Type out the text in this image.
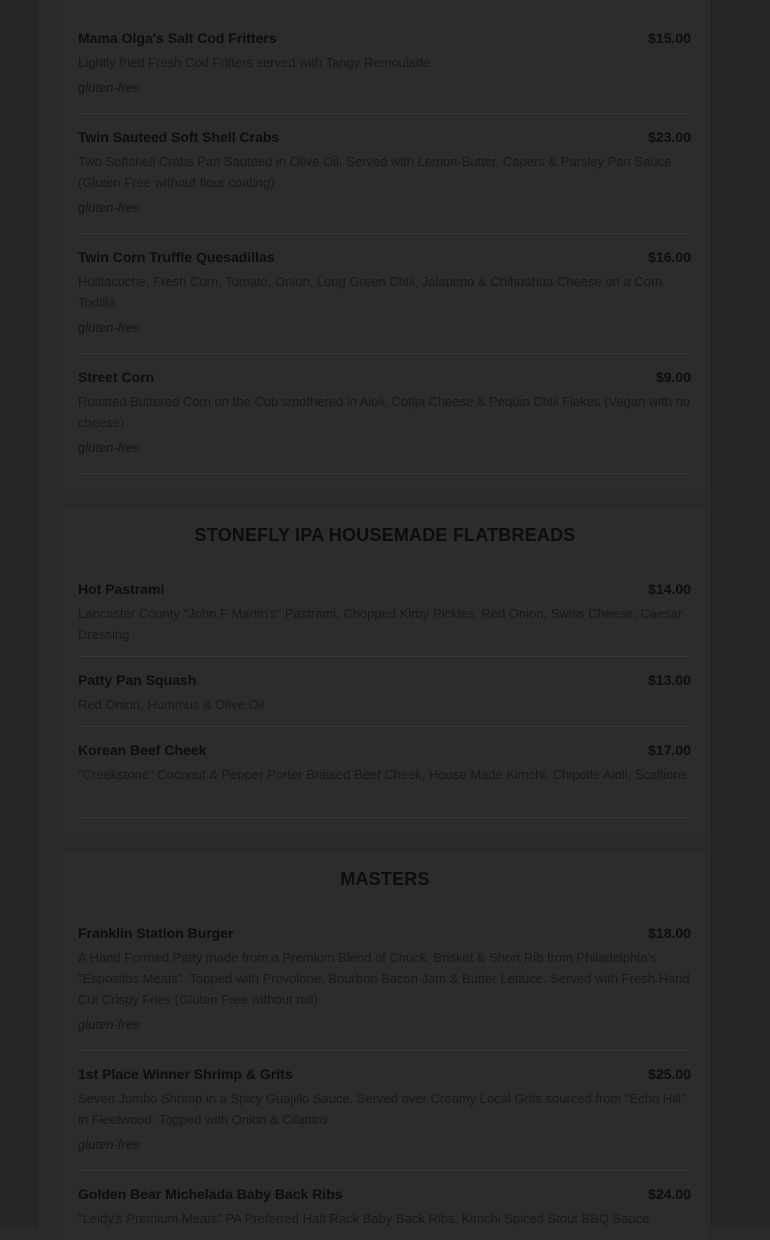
Mama Olga's Salt Cod Fritters	$15.00
Lightly fried Fresh Cod Fritters served with Tangy Remoulade
gluten-free
Twin Sauteed Soft Shell Crabs	$23.00
Two Softshell Crabs Pan Sauteed in Olive Oil. Served with Lemon-Butter, Capers & Parsley Pan Sauce (Gluten Free without flour coating)
gluten-free
Twin Corn Truffle Quesadillas	$16.00
Huitlacoche, Fresh Corn, Tomato, Onion, Long Green Chili, Jalapeno & Chihuahua Cheese on a Corn Tortilla
gluten-free
Street Corn	$9.00
Roasted Buttered Corn on the Cob smothered in Aioli, Cotija Cheese & Pequin Chili Flakes (Vegan with no cheese)
gluten-free
STONEFLY IPA HOUSEMADE FLATBREADS
Hot Pastrami	$14.00
Lancaster County "John F Martin's" Pastrami, Chopped Kirby Pickles, Red Onion, Swiss Cheese, Caesar Dressing
Patty Pan Squash	$13.00
Red Onion, Hummus & Olive Oil
Korean Beef Cheek	$17.00
"Creekstone" Coconut & Pepper Porter Braised Beef Cheek, House Made Kimchi, Chipotle Aioli, Scallions
MASTERS
Franklin Station Burger	$18.00
A Hand Formed Patty made from a Premium Blend of Chuck, Brisket & Short Rib from Philadelphia's "Espositos Meats". Topped with Provolone, Bourbon Bacon Jam & Butter Lettuce. Served with Fresh Hand Cut Crispy Fries (Gluten Free without roll)
gluten-free
1st Place Winner Shrimp & Grits	$25.00
Seven Jumbo Shrimp in a Spicy Guajillo Sauce. Served over Creamy Local Grits sourced from "Echo Hill" in Fleetwood. Topped with Onion & Cilantro
gluten-free
Golden Bear Michelada Baby Back Ribs	$24.00
"Leidy's Premium Meats" PA Preferred Half Rack Baby Back Ribs, Kimchi Spiced Stout BBQ Sauce
